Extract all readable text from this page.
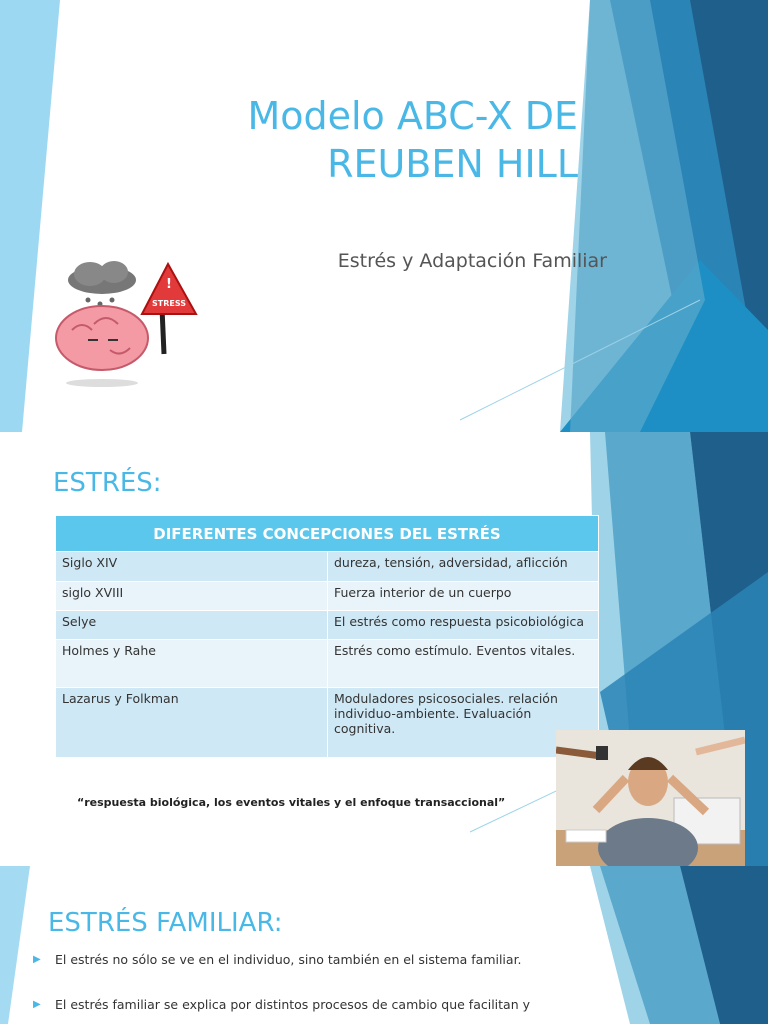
Modelo ABC-X DE
REUBEN HILL
Estrés y Adaptación Familiar
!
STRESS
ESTRÉS:
DIFERENTES CONCEPCIONES DEL ESTRÉS	
Siglo XIV	dureza, tensión, adversidad, aflicción
siglo XVIII	Fuerza interior de un cuerpo
Selye	El estrés como respuesta psicobiológica
Holmes y Rahe	Estrés como estímulo. Eventos vitales.
Lazarus y Folkman	Moduladores psicosociales. relación individuo-ambiente. Evaluación cognitiva.
“respuesta biológica, los eventos vitales y el enfoque transaccional”
ESTRÉS FAMILIAR:
▶ El estrés no sólo se ve en el individuo, sino también en el sistema familiar.
▶ El estrés familiar se explica por distintos procesos de cambio que facilitan y
